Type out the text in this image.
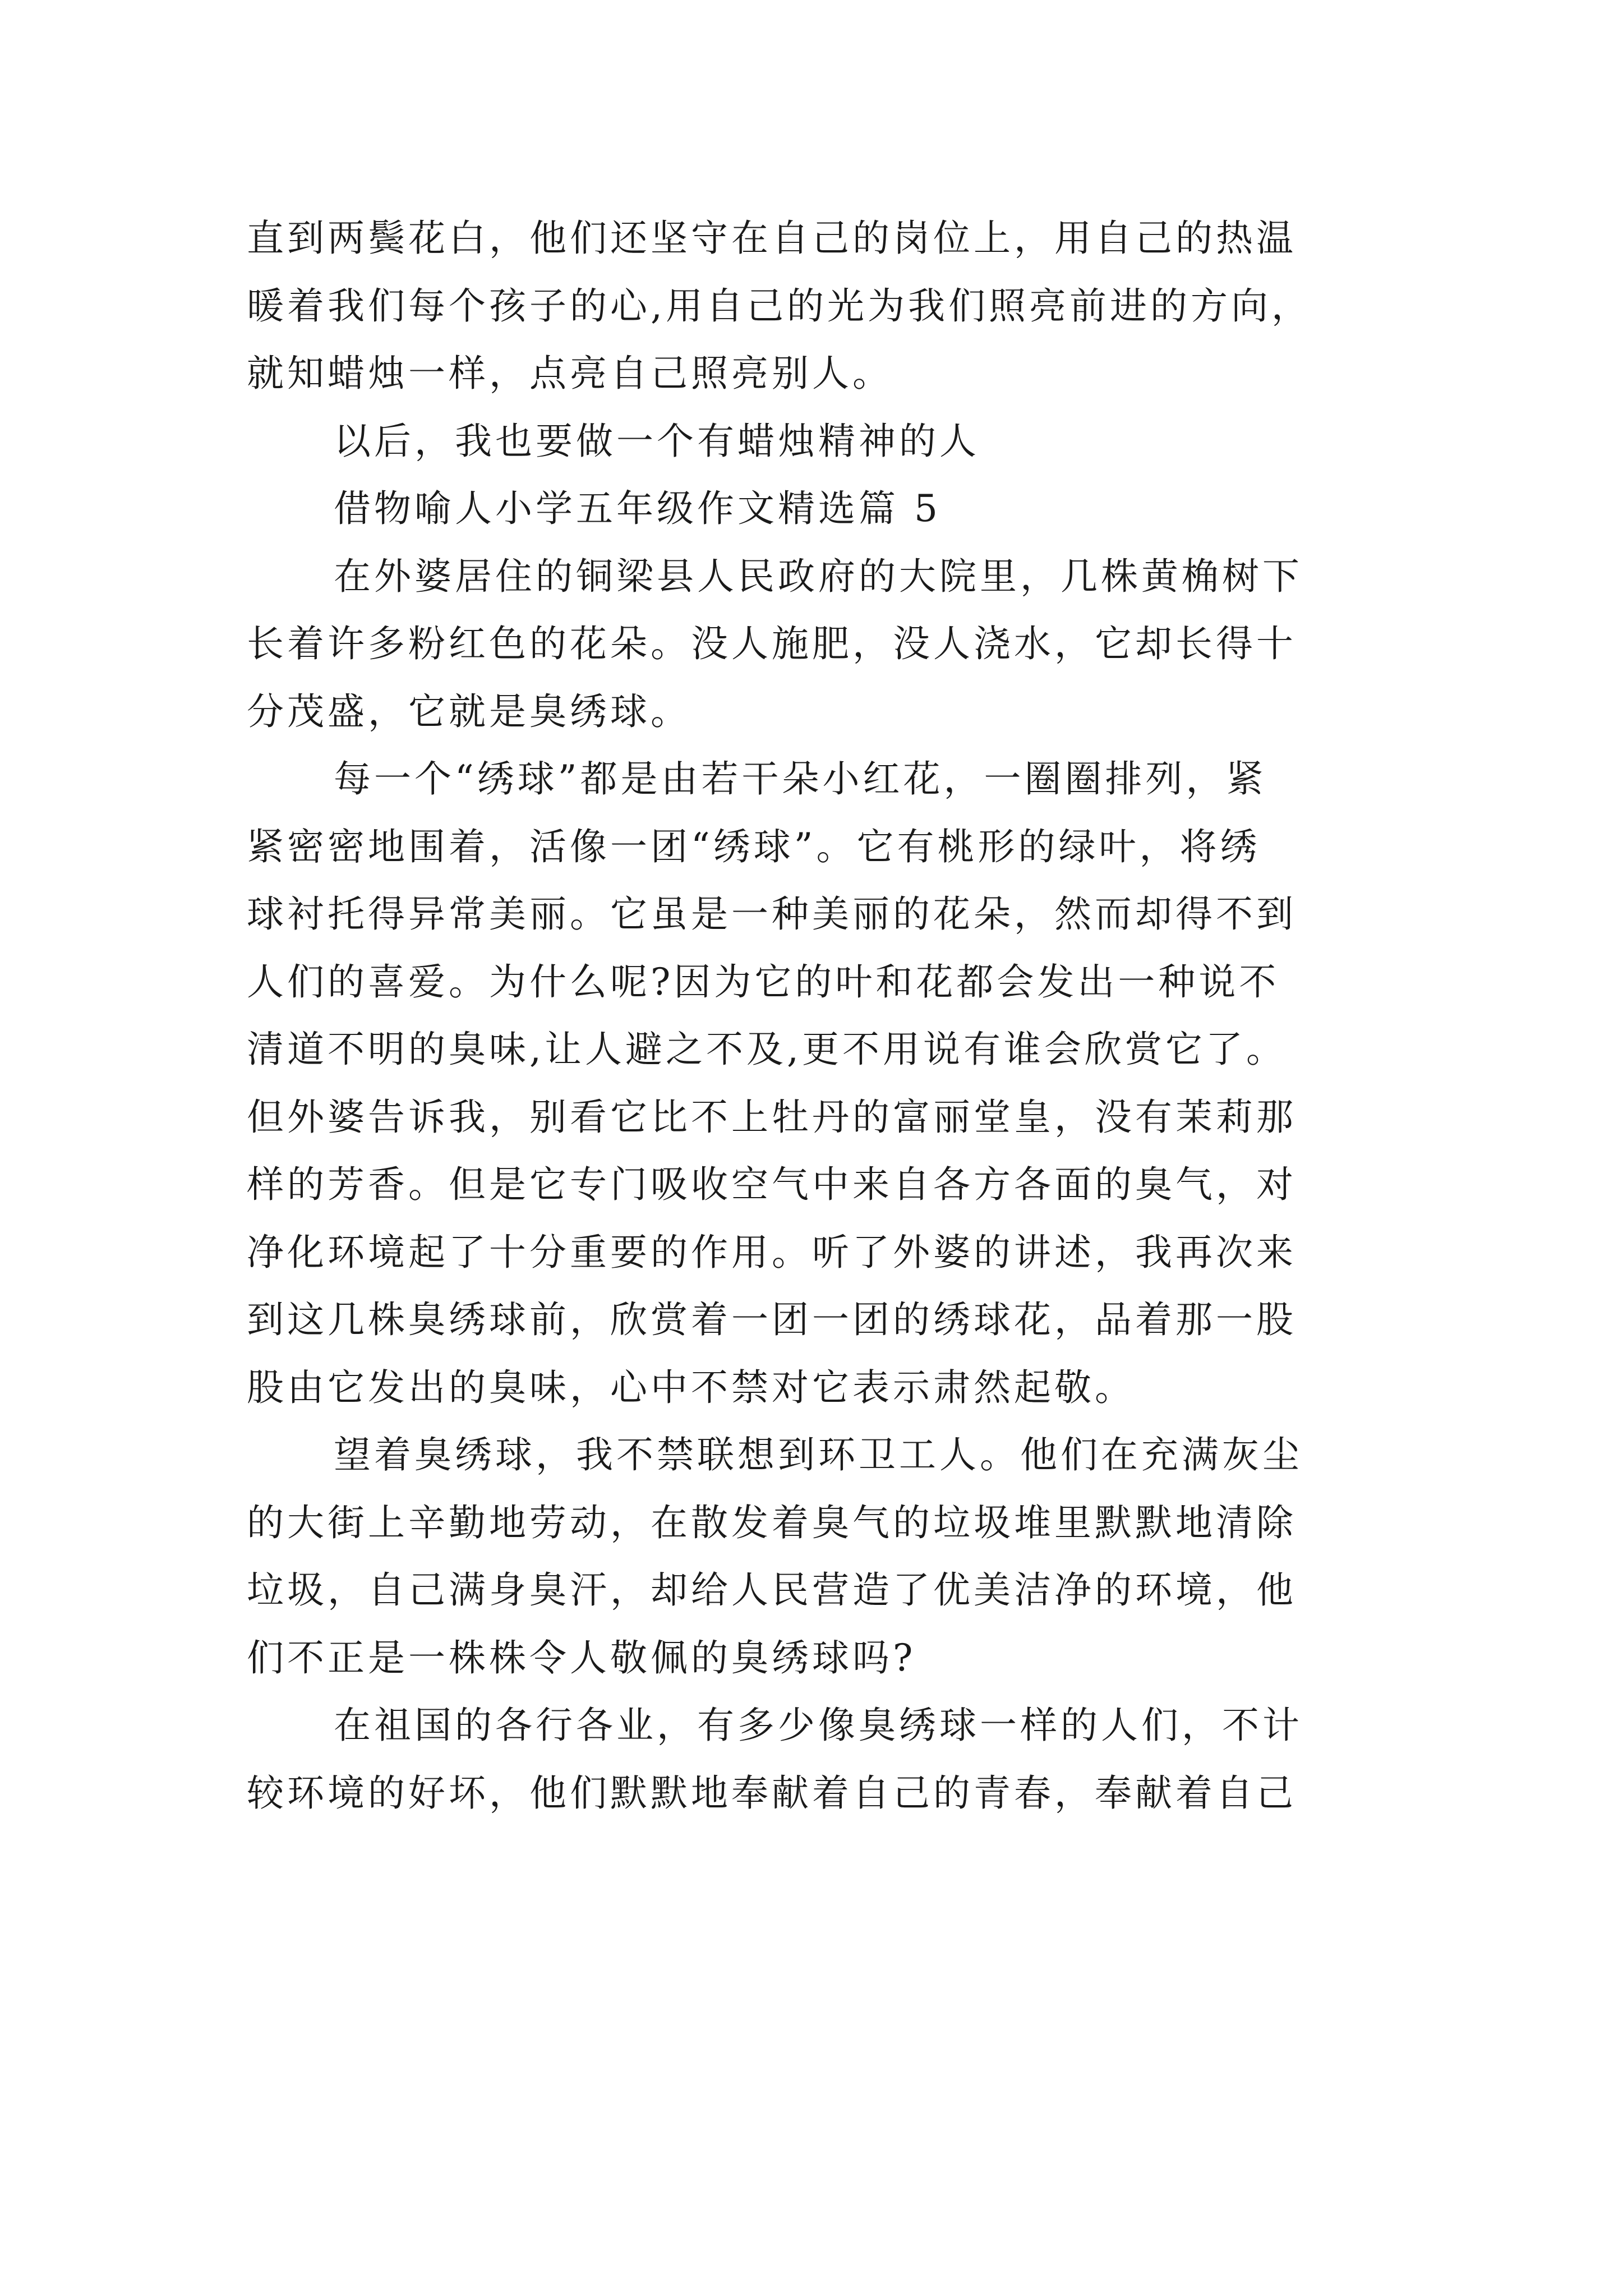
直到两鬓花白，他们还坚守在自己的岗位上，用自己的热温
暖着我们每个孩子的心,用自己的光为我们照亮前进的方向，
就知蜡烛一样，点亮自己照亮别人。
以后，我也要做一个有蜡烛精神的人
借物喻人小学五年级作文精选篇 5
在外婆居住的铜梁县人民政府的大院里，几株黄桷树下
长着许多粉红色的花朵。没人施肥，没人浇水，它却长得十
分茂盛，它就是臭绣球。
每一个“绣球”都是由若干朵小红花，一圈圈排列，紧
紧密密地围着，活像一团“绣球”。它有桃形的绿叶，将绣
球衬托得异常美丽。它虽是一种美丽的花朵，然而却得不到
人们的喜爱。为什么呢?因为它的叶和花都会发出一种说不
清道不明的臭味,让人避之不及,更不用说有谁会欣赏它了。
但外婆告诉我，别看它比不上牡丹的富丽堂皇，没有茉莉那
样的芳香。但是它专门吸收空气中来自各方各面的臭气，对
净化环境起了十分重要的作用。听了外婆的讲述，我再次来
到这几株臭绣球前，欣赏着一团一团的绣球花，品着那一股
股由它发出的臭味，心中不禁对它表示肃然起敬。
望着臭绣球，我不禁联想到环卫工人。他们在充满灰尘
的大街上辛勤地劳动，在散发着臭气的垃圾堆里默默地清除
垃圾，自己满身臭汗，却给人民营造了优美洁净的环境，他
们不正是一株株令人敬佩的臭绣球吗?
在祖国的各行各业，有多少像臭绣球一样的人们，不计
较环境的好坏，他们默默地奉献着自己的青春，奉献着自己
